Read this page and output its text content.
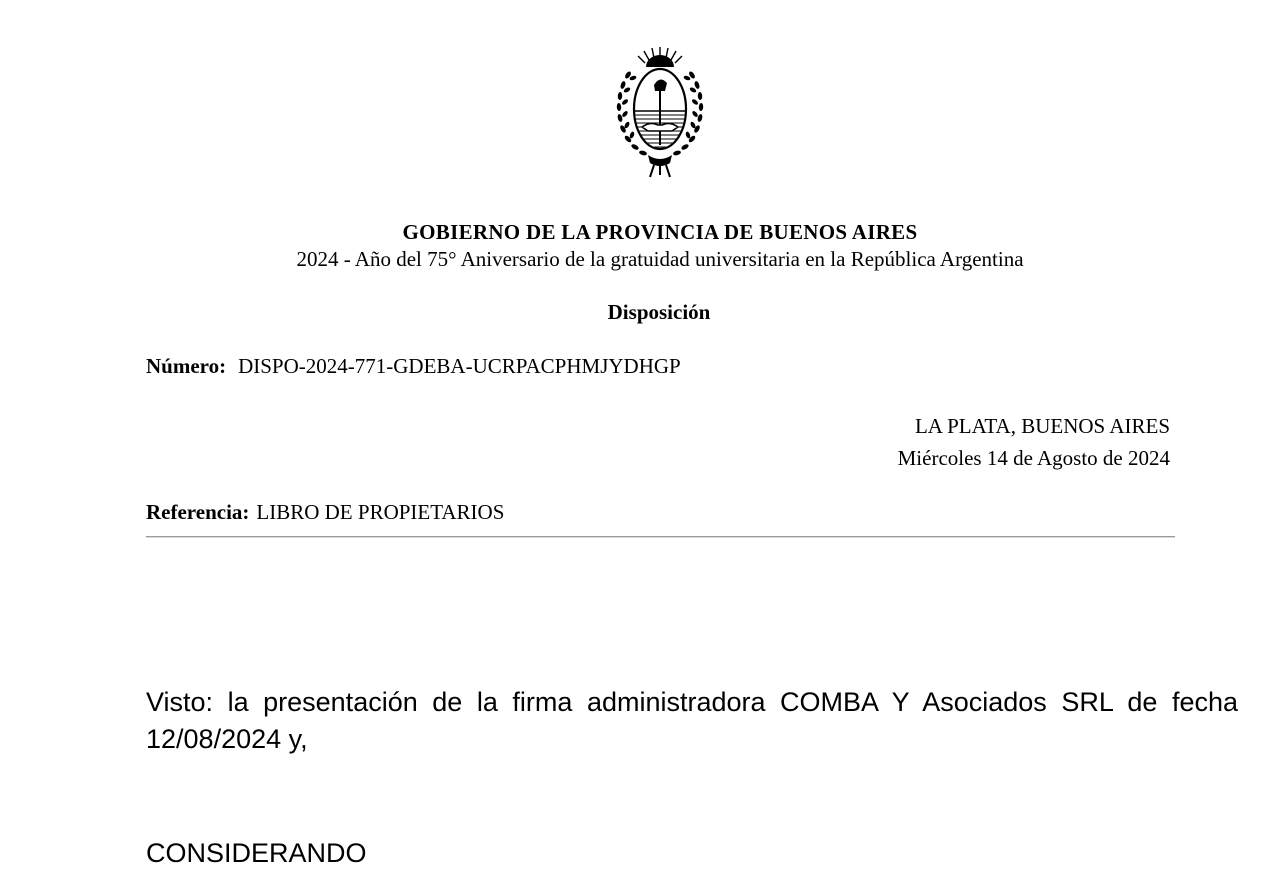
GOBIERNO DE LA PROVINCIA DE BUENOS AIRES
2024 - Año del 75° Aniversario de la gratuidad universitaria en la República Argentina
Disposición
Número: DISPO-2024-771-GDEBA-UCRPACPHMJYDHGP
LA PLATA, BUENOS AIRES
Miércoles 14 de Agosto de 2024
Referencia: LIBRO DE PROPIETARIOS
Visto: la presentación de la firma administradora COMBA Y Asociados SRL de fecha 12/08/2024 y,
CONSIDERANDO
